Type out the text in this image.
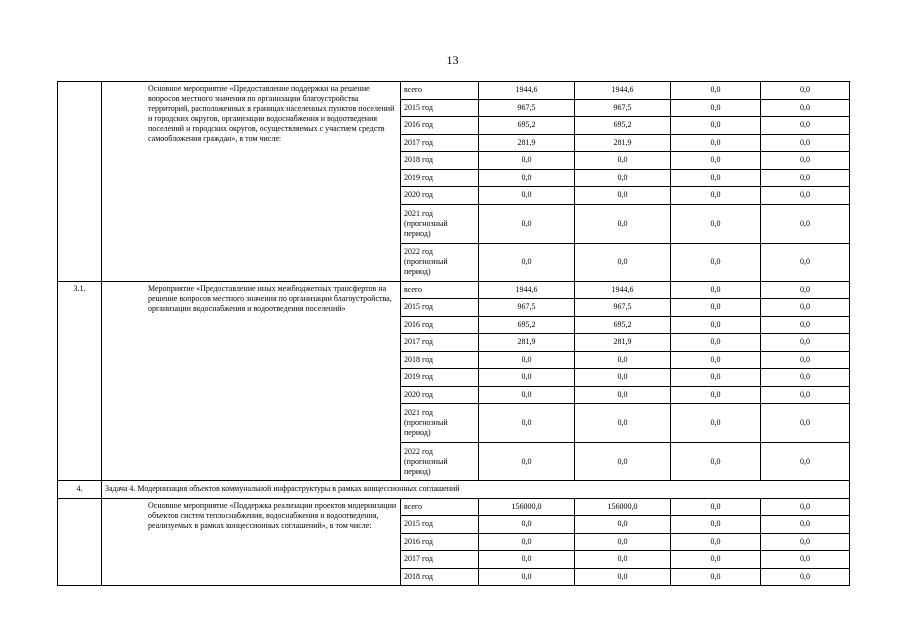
13
	Основное мероприятие «Предоставление поддержки на решение вопросов местного значения по организации благоустройства территорий, расположенных в границах населенных пунктов поселений и городских округов, организации водоснабжения и водоотведения поселений и городских округов, осуществляемых с участием средств самообложения граждан», в том числе:	всего	1944,6	1944,6	0,0	0,0
		2015 год	967,5	967,5	0,0	0,0
		2016 год	695,2	695,2	0,0	0,0
		2017 год	281,9	281,9	0,0	0,0
		2018 год	0,0	0,0	0,0	0,0
		2019 год	0,0	0,0	0,0	0,0
		2020 год	0,0	0,0	0,0	0,0
		2021 год (прогнозный период)	0,0	0,0	0,0	0,0
		2022 год (прогнозный период)	0,0	0,0	0,0	0,0
3.1.	Мероприятие «Предоставление иных межбюджетных трансфертов на решение вопросов местного значения по организации благоустройства, организации водоснабжения и водоотведения поселений»	всего	1944,6	1944,6	0,0	0,0
		2015 год	967,5	967,5	0,0	0,0
		2016 год	695,2	695,2	0,0	0,0
		2017 год	281,9	281,9	0,0	0,0
		2018 год	0,0	0,0	0,0	0,0
		2019 год	0,0	0,0	0,0	0,0
		2020 год	0,0	0,0	0,0	0,0
		2021 год (прогнозный период)	0,0	0,0	0,0	0,0
		2022 год (прогнозный период)	0,0	0,0	0,0	0,0
4.	Задача 4. Модернизация объектов коммунальной инфраструктуры в рамках концессионных соглашений					
	Основное мероприятие «Поддержка реализации проектов модернизации объектов систем теплоснабжения, водоснабжения и водоотведения, реализуемых в рамках концессионных соглашений», в том числе:	всего	156000,0	156000,0	0,0	0,0
		2015 год	0,0	0,0	0,0	0,0
		2016 год	0,0	0,0	0,0	0,0
		2017 год	0,0	0,0	0,0	0,0
		2018 год	0,0	0,0	0,0	0,0
